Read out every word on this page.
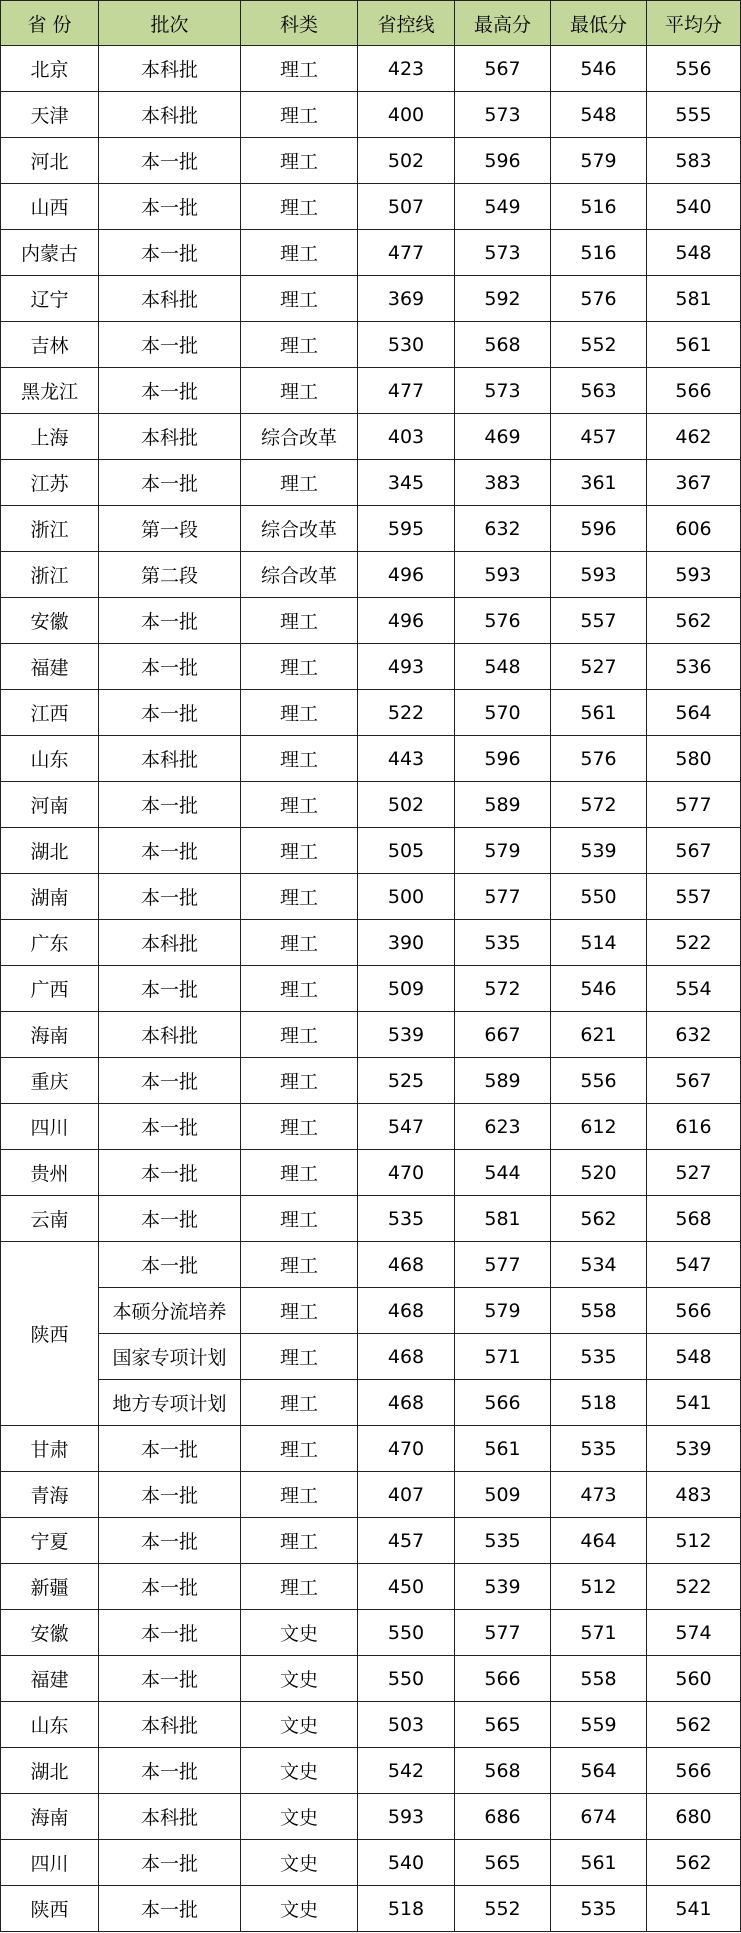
省 份	批次	科类	省控线	最高分	最低分	平均分
北京	本科批	理工	423	567	546	556
天津	本科批	理工	400	573	548	555
河北	本一批	理工	502	596	579	583
山西	本一批	理工	507	549	516	540
内蒙古	本一批	理工	477	573	516	548
辽宁	本科批	理工	369	592	576	581
吉林	本一批	理工	530	568	552	561
黑龙江	本一批	理工	477	573	563	566
上海	本科批	综合改革	403	469	457	462
江苏	本一批	理工	345	383	361	367
浙江	第一段	综合改革	595	632	596	606
浙江	第二段	综合改革	496	593	593	593
安徽	本一批	理工	496	576	557	562
福建	本一批	理工	493	548	527	536
江西	本一批	理工	522	570	561	564
山东	本科批	理工	443	596	576	580
河南	本一批	理工	502	589	572	577
湖北	本一批	理工	505	579	539	567
湖南	本一批	理工	500	577	550	557
广东	本科批	理工	390	535	514	522
广西	本一批	理工	509	572	546	554
海南	本科批	理工	539	667	621	632
重庆	本一批	理工	525	589	556	567
四川	本一批	理工	547	623	612	616
贵州	本一批	理工	470	544	520	527
云南	本一批	理工	535	581	562	568
陕西	本一批	理工	468	577	534	547
	本硕分流培养	理工	468	579	558	566
	国家专项计划	理工	468	571	535	548
	地方专项计划	理工	468	566	518	541
甘肃	本一批	理工	470	561	535	539
青海	本一批	理工	407	509	473	483
宁夏	本一批	理工	457	535	464	512
新疆	本一批	理工	450	539	512	522
安徽	本一批	文史	550	577	571	574
福建	本一批	文史	550	566	558	560
山东	本科批	文史	503	565	559	562
湖北	本一批	文史	542	568	564	566
海南	本科批	文史	593	686	674	680
四川	本一批	文史	540	565	561	562
陕西	本一批	文史	518	552	535	541
